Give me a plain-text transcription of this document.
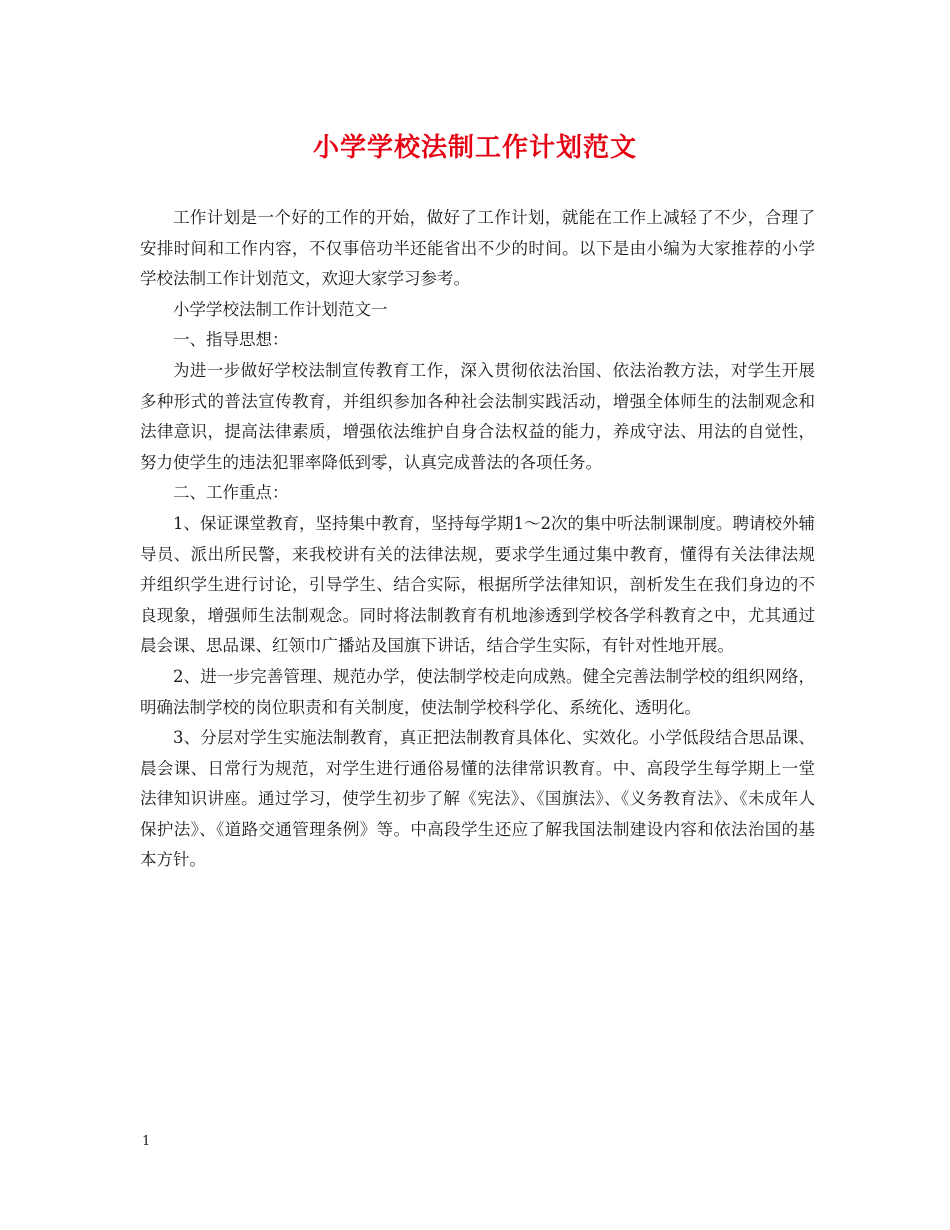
小学学校法制工作计划范文

工作计划是一个好的工作的开始，做好了工作计划，就能在工作上减轻了不少，合理了安排时间和工作内容，不仅事倍功半还能省出不少的时间。以下是由小编为大家推荐的小学学校法制工作计划范文，欢迎大家学习参考。

小学学校法制工作计划范文一

一、指导思想：

为进一步做好学校法制宣传教育工作，深入贯彻依法治国、依法治教方法，对学生开展多种形式的普法宣传教育，并组织参加各种社会法制实践活动，增强全体师生的法制观念和法律意识，提高法律素质，增强依法维护自身合法权益的能力，养成守法、用法的自觉性，努力使学生的违法犯罪率降低到零，认真完成普法的各项任务。

二、工作重点：

1、保证课堂教育，坚持集中教育，坚持每学期1～2次的集中听法制课制度。聘请校外辅导员、派出所民警，来我校讲有关的法律法规，要求学生通过集中教育，懂得有关法律法规并组织学生进行讨论，引导学生、结合实际，根据所学法律知识，剖析发生在我们身边的不良现象，增强师生法制观念。同时将法制教育有机地渗透到学校各学科教育之中，尤其通过晨会课、思品课、红领巾广播站及国旗下讲话，结合学生实际，有针对性地开展。

2、进一步完善管理、规范办学，使法制学校走向成熟。健全完善法制学校的组织网络，明确法制学校的岗位职责和有关制度，使法制学校科学化、系统化、透明化。

3、分层对学生实施法制教育，真正把法制教育具体化、实效化。小学低段结合思品课、晨会课、日常行为规范，对学生进行通俗易懂的法律常识教育。中、高段学生每学期上一堂法律知识讲座。通过学习，使学生初步了解《宪法》、《国旗法》、《义务教育法》、《未成年人保护法》、《道路交通管理条例》等。中高段学生还应了解我国法制建设内容和依法治国的基本方针。

1
